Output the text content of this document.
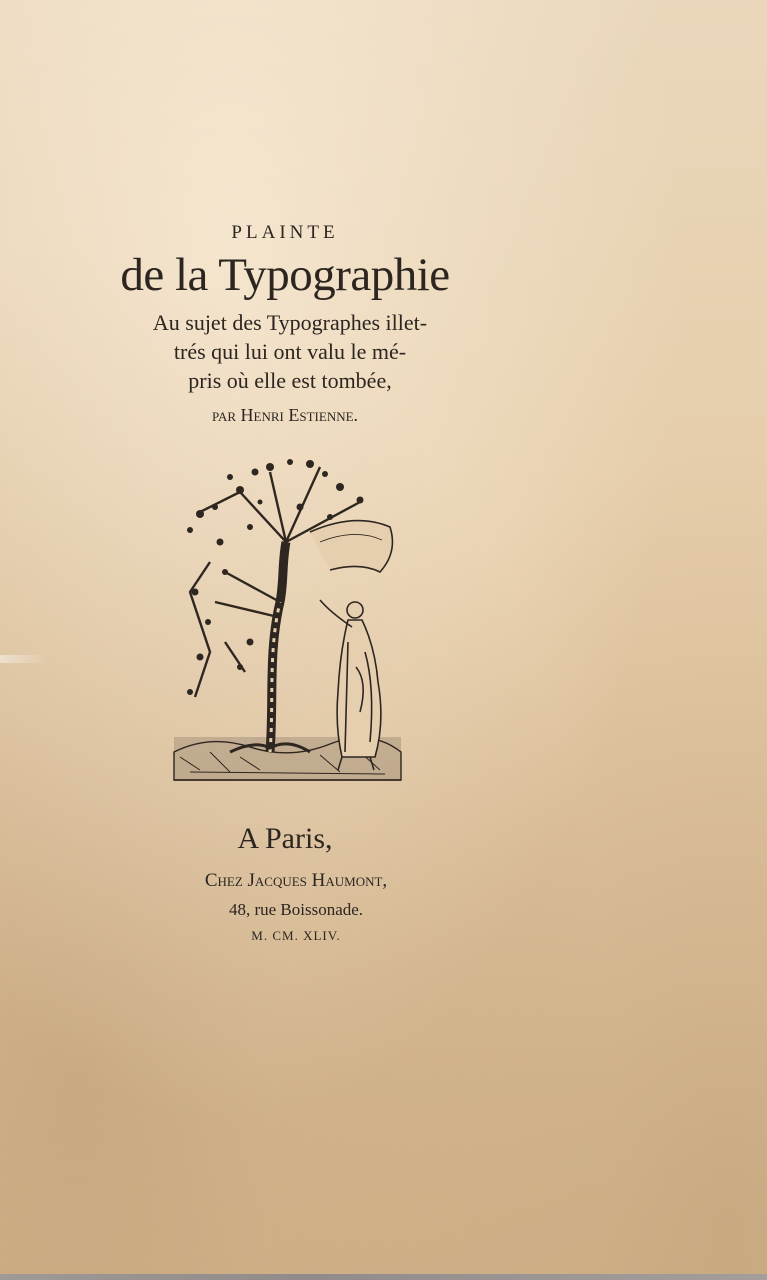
PLAINTE
de la Typographie
Au sujet des Typographes illet-
trés qui lui ont valu le mé-
pris où elle est tombée,
par Henri Estienne.
A Paris,
Chez Jacques Haumont,
48, rue Boissonade.
M. CM. XLIV.
